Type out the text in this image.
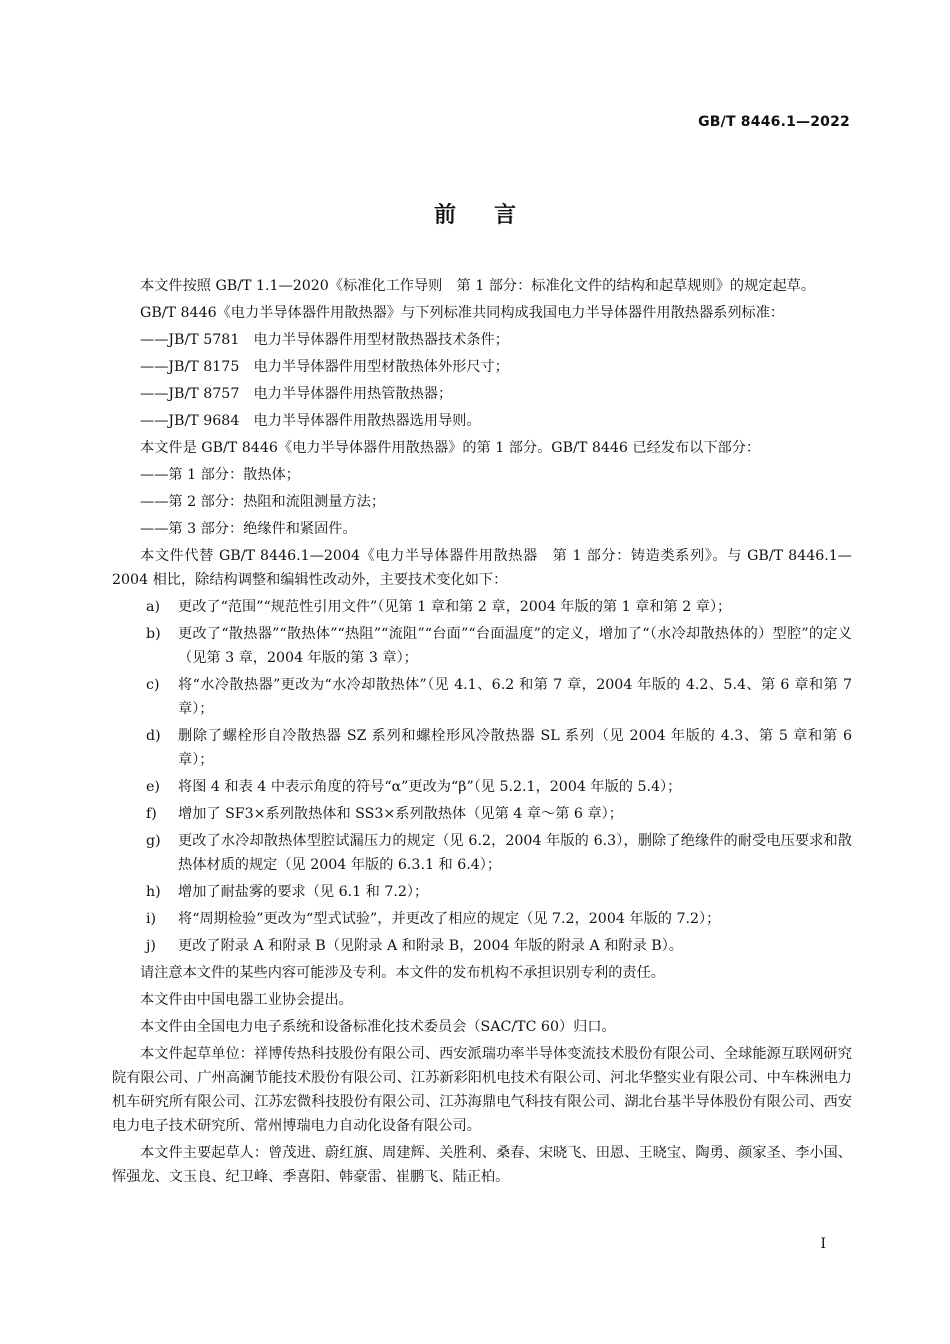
GB/T 8446.1—2022
前言

本文件按照 GB/T 1.1—2020《标准化工作导则　第 1 部分：标准化文件的结构和起草规则》的规定起草。

GB/T 8446《电力半导体器件用散热器》与下列标准共同构成我国电力半导体器件用散热器系列标准：

——JB/T 5781　电力半导体器件用型材散热器技术条件；

——JB/T 8175　电力半导体器件用型材散热体外形尺寸；

——JB/T 8757　电力半导体器件用热管散热器；

——JB/T 9684　电力半导体器件用散热器选用导则。

本文件是 GB/T 8446《电力半导体器件用散热器》的第 1 部分。GB/T 8446 已经发布以下部分：

——第 1 部分：散热体；

——第 2 部分：热阻和流阻测量方法；

——第 3 部分：绝缘件和紧固件。

本文件代替 GB/T 8446.1—2004《电力半导体器件用散热器　第 1 部分：铸造类系列》。与 GB/T 8446.1—2004 相比，除结构调整和编辑性改动外，主要技术变化如下：

a) 更改了“范围”“规范性引用文件”（见第 1 章和第 2 章，2004 年版的第 1 章和第 2 章）；
b) 更改了“散热器”“散热体”“热阻”“流阻”“台面”“台面温度”的定义，增加了“（水冷却散热体的）型腔”的定义（见第 3 章，2004 年版的第 3 章）；
c) 将“水冷散热器”更改为“水冷却散热体”（见 4.1、6.2 和第 7 章，2004 年版的 4.2、5.4、第 6 章和第 7 章）；
d) 删除了螺栓形自冷散热器 SZ 系列和螺栓形风冷散热器 SL 系列（见 2004 年版的 4.3、第 5 章和第 6 章）；
e) 将图 4 和表 4 中表示角度的符号“α”更改为“β”（见 5.2.1，2004 年版的 5.4）；
f) 增加了 SF3×系列散热体和 SS3×系列散热体（见第 4 章～第 6 章）；
g) 更改了水冷却散热体型腔试漏压力的规定（见 6.2，2004 年版的 6.3），删除了绝缘件的耐受电压要求和散热体材质的规定（见 2004 年版的 6.3.1 和 6.4）；
h) 增加了耐盐雾的要求（见 6.1 和 7.2）；
i) 将“周期检验”更改为“型式试验”，并更改了相应的规定（见 7.2，2004 年版的 7.2）；
j) 更改了附录 A 和附录 B（见附录 A 和附录 B，2004 年版的附录 A 和附录 B）。

请注意本文件的某些内容可能涉及专利。本文件的发布机构不承担识别专利的责任。

本文件由中国电器工业协会提出。

本文件由全国电力电子系统和设备标准化技术委员会（SAC/TC 60）归口。

本文件起草单位：祥博传热科技股份有限公司、西安派瑞功率半导体变流技术股份有限公司、全球能源互联网研究院有限公司、广州高澜节能技术股份有限公司、江苏新彩阳机电技术有限公司、河北华整实业有限公司、中车株洲电力机车研究所有限公司、江苏宏微科技股份有限公司、江苏海鼎电气科技有限公司、湖北台基半导体股份有限公司、西安电力电子技术研究所、常州博瑞电力自动化设备有限公司。

本文件主要起草人：曾茂进、蔚红旗、周建辉、关胜利、桑春、宋晓飞、田恩、王晓宝、陶勇、颜家圣、李小国、恽强龙、文玉良、纪卫峰、季喜阳、韩豪雷、崔鹏飞、陆正柏。

Ⅰ
